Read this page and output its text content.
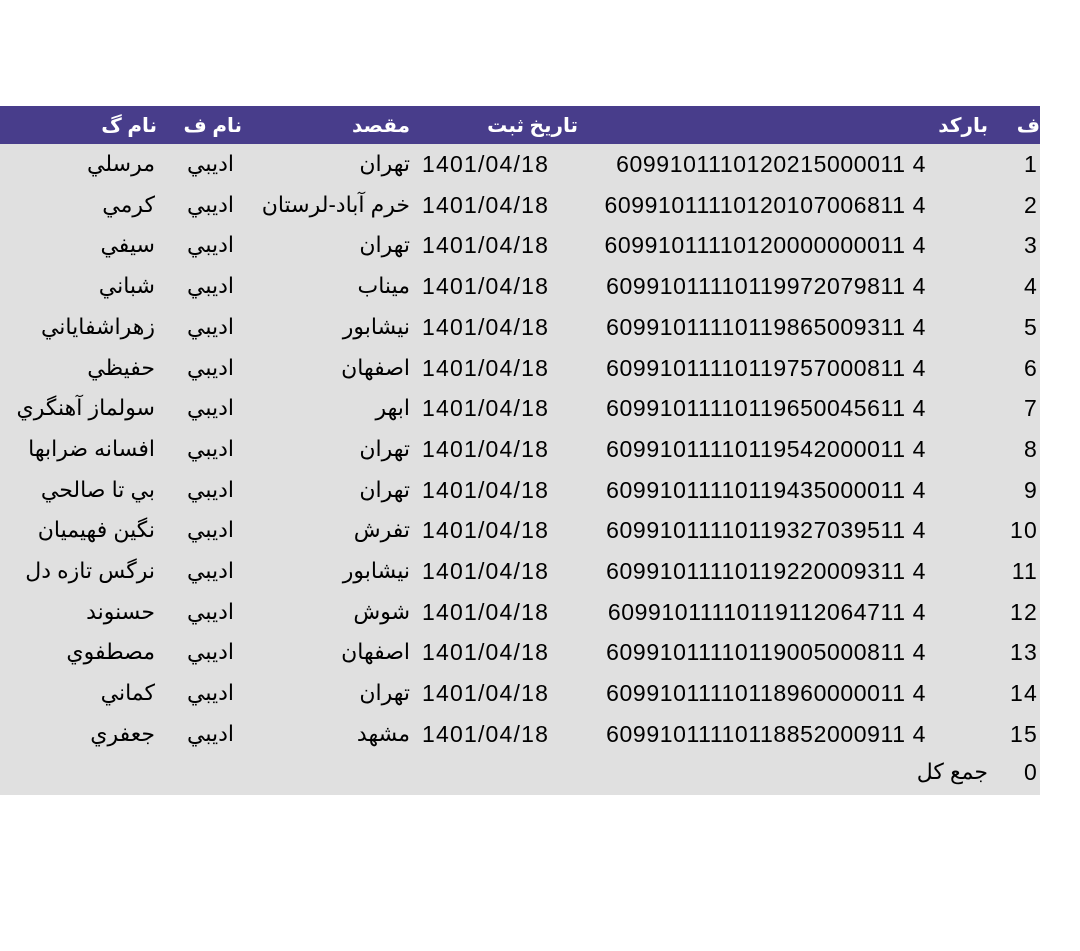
ف
بارکد
تاریخ ثبت
مقصد
نام ف
نام گ
1
6099101110120215000011 4
1401/04/18
تهران
اديبي
مرسلي
2
60991011110120107006811 4
1401/04/18
خرم آباد-لرستان
اديبي
كرمي
3
60991011110120000000011 4
1401/04/18
تهران
اديبي
سيفي
4
60991011110119972079811 4
1401/04/18
ميناب
اديبي
شباني
5
60991011110119865009311 4
1401/04/18
نيشابور
اديبي
زهراشفاياني
6
60991011110119757000811 4
1401/04/18
اصفهان
اديبي
حفيظي
7
60991011110119650045611 4
1401/04/18
ابهر
اديبي
سولماز آهنگري
8
60991011110119542000011 4
1401/04/18
تهران
اديبي
افسانه ضرابها
9
60991011110119435000011 4
1401/04/18
تهران
اديبي
بي تا صالحي
10
60991011110119327039511 4
1401/04/18
تفرش
اديبي
نگين فهيميان
11
60991011110119220009311 4
1401/04/18
نيشابور
اديبي
نرگس تازه دل
12
60991011110119112064711 4
1401/04/18
شوش
اديبي
حسنوند
13
60991011110119005000811 4
1401/04/18
اصفهان
اديبي
مصطفوي
14
60991011110118960000011 4
1401/04/18
تهران
اديبي
كماني
15
60991011110118852000911 4
1401/04/18
مشهد
اديبي
جعفري
0
جمع كل
